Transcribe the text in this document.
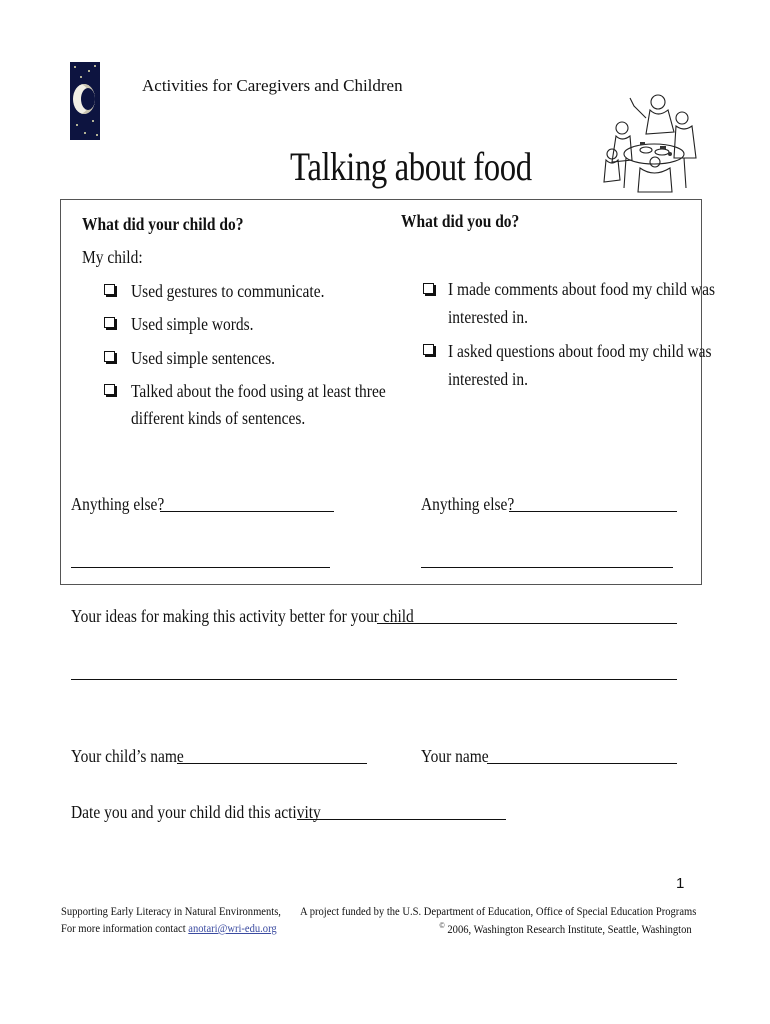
Activities for Caregivers and Children
Talking about food
What did your child do?
My child:
Used gestures to communicate.
Used simple words.
Used simple sentences.
Talked about the food using at least three
different kinds of sentences.
Anything else?
What did you do?
I made comments about food my child was
interested in.
I asked questions about food my child was
interested in.
Anything else?
Your ideas for making this activity better for your child
Your child’s name	Your name
Date you and your child did this activity
1
Supporting Early Literacy in Natural Environments,
For more information contact anotari@wri-edu.org
A project funded by the U.S. Department of Education, Office of Special Education Programs
© 2006, Washington Research Institute, Seattle, Washington
